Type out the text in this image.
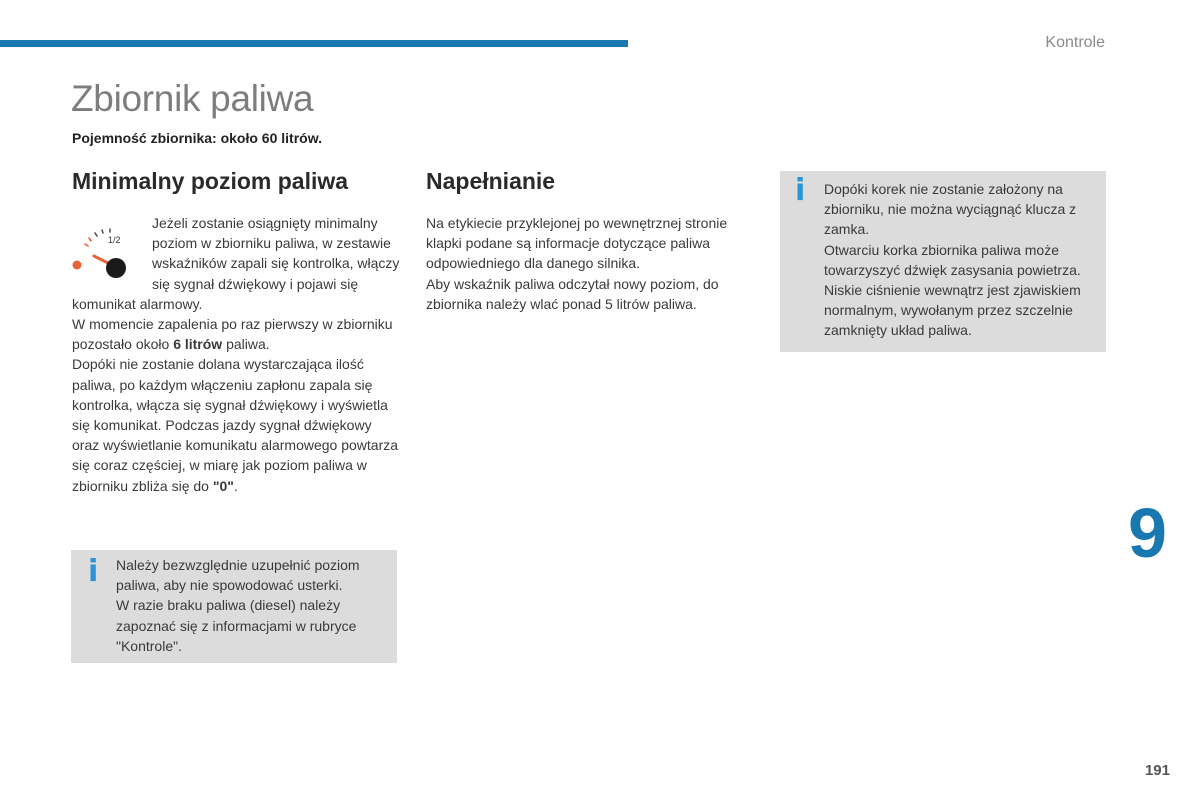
Kontrole
Zbiornik paliwa

Pojemność zbiornika: około 60 litrów.

Minimalny poziom paliwa	Napełnianie
1/2

Jeżeli zostanie osiągnięty minimalny poziom w zbiorniku paliwa, w zestawie wskaźników zapali się kontrolka, włączy się sygnał dźwiękowy i pojawi się komunikat alarmowy.

W momencie zapalenia po raz pierwszy w zbiorniku pozostało około 6 litrów paliwa.

Dopóki nie zostanie dolana wystarczająca ilość paliwa, po każdym włączeniu zapłonu zapala się kontrolka, włącza się sygnał dźwiękowy i wyświetla się komunikat. Podczas jazdy sygnał dźwiękowy oraz wyświetlanie komunikatu alarmowego powtarza się coraz częściej, w miarę jak poziom paliwa w zbiorniku zbliża się do "0".

Na etykiecie przyklejonej po wewnętrznej stronie klapki podane są informacje dotyczące paliwa odpowiedniego dla danego silnika.

Aby wskaźnik paliwa odczytał nowy poziom, do zbiornika należy wlać ponad 5 litrów paliwa.

i Należy bezwzględnie uzupełnić poziom paliwa, aby nie spowodować usterki.

W razie braku paliwa (diesel) należy zapoznać się z informacjami w rubryce "Kontrole".

i Dopóki korek nie zostanie założony na zbiorniku, nie można wyciągnąć klucza z zamka.

Otwarciu korka zbiornika paliwa może towarzyszyć dźwięk zasysania powietrza. Niskie ciśnienie wewnątrz jest zjawiskiem normalnym, wywołanym przez szczelnie zamknięty układ paliwa.

9
191
